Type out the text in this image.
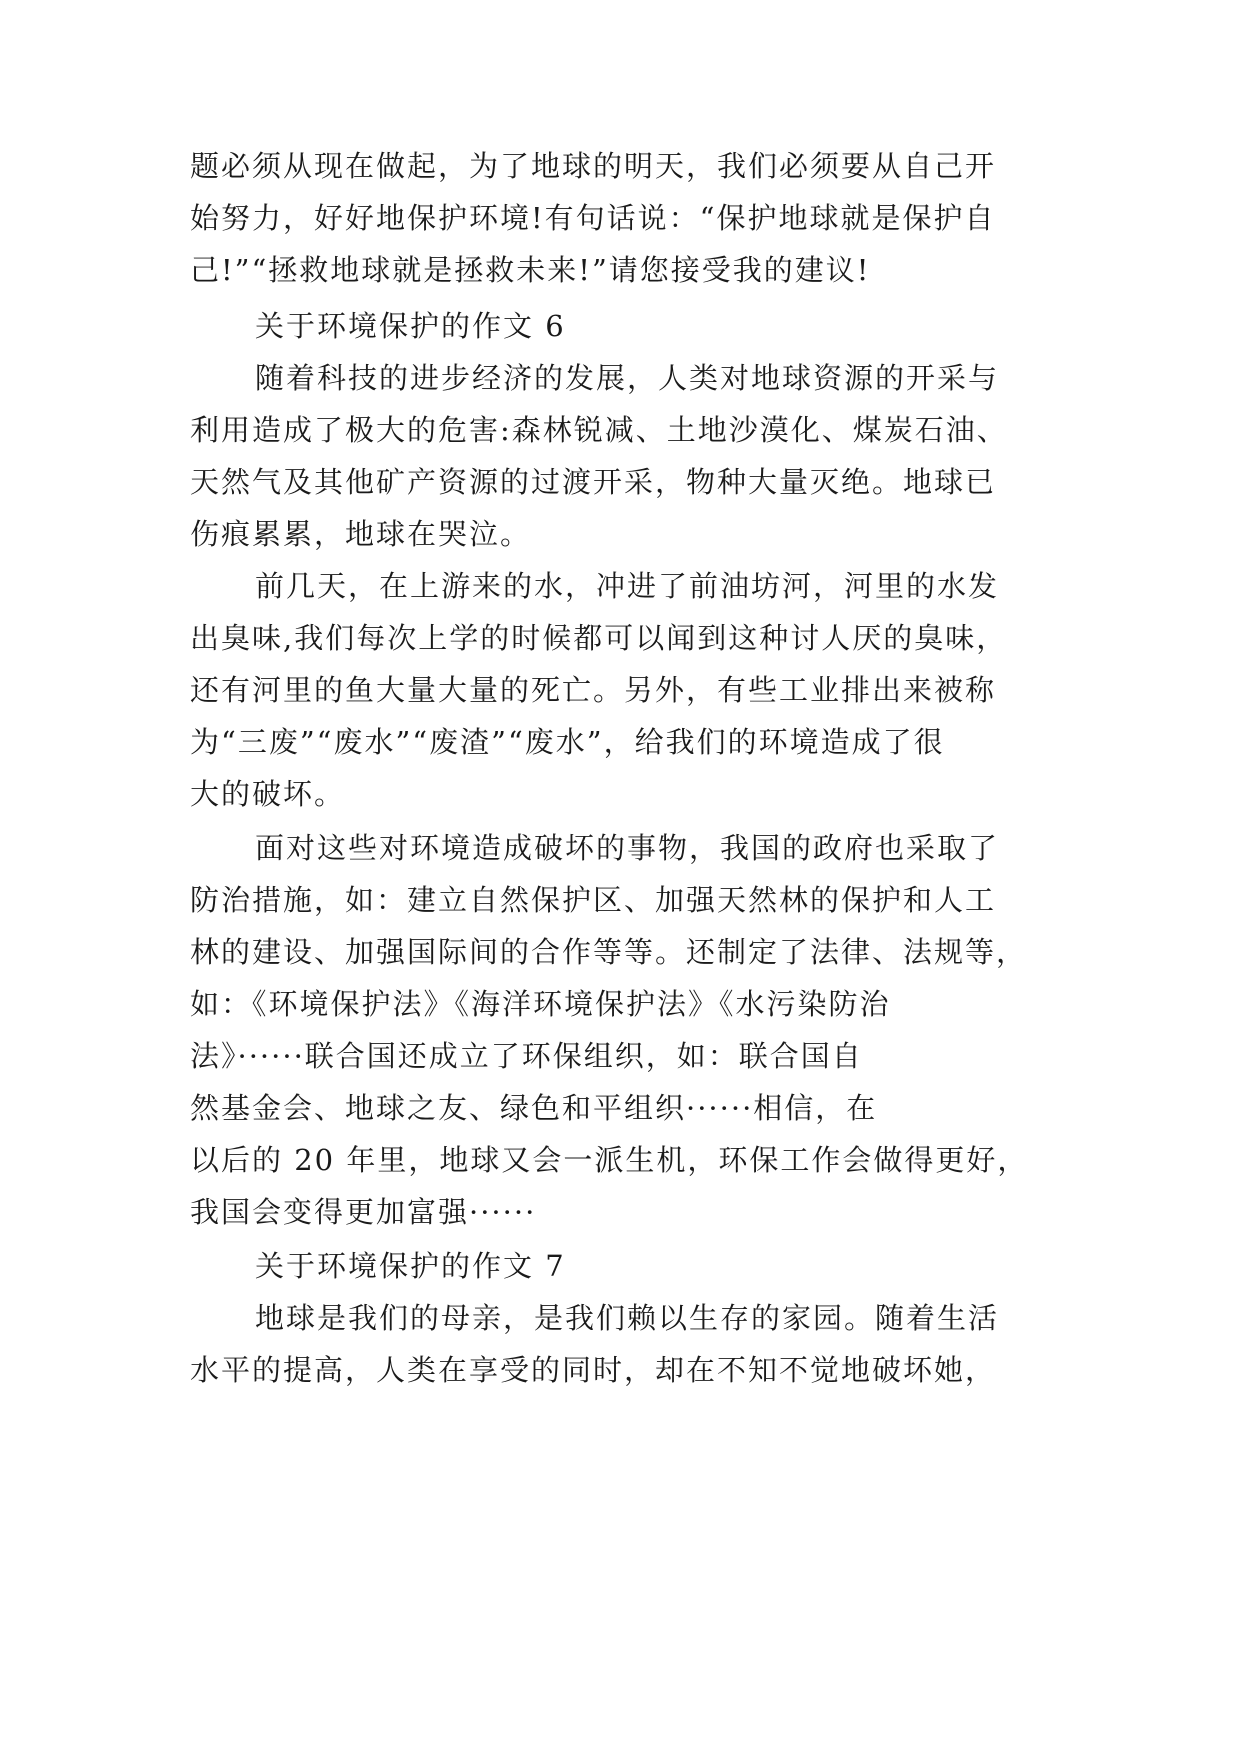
题必须从现在做起，为了地球的明天，我们必须要从自己开
始努力，好好地保护环境!有句话说：“保护地球就是保护自
己!”“拯救地球就是拯救未来!”请您接受我的建议!
关于环境保护的作文 6
随着科技的进步经济的发展，人类对地球资源的开采与
利用造成了极大的危害:森林锐减、土地沙漠化、煤炭石油、
天然气及其他矿产资源的过渡开采，物种大量灭绝。地球已
伤痕累累，地球在哭泣。
前几天，在上游来的水，冲进了前油坊河，河里的水发
出臭味,我们每次上学的时候都可以闻到这种讨人厌的臭味，
还有河里的鱼大量大量的死亡。另外，有些工业排出来被称
为“三废”“废水”“废渣”“废水”，给我们的环境造成了很
大的破坏。
面对这些对环境造成破坏的事物，我国的政府也采取了
防治措施，如：建立自然保护区、加强天然林的保护和人工
林的建设、加强国际间的合作等等。还制定了法律、法规等，
如：《环境保护法》《海洋环境保护法》《水污染防治
法》······联合国还成立了环保组织，如：联合国自
然基金会、地球之友、绿色和平组织······相信，在
以后的 20 年里，地球又会一派生机，环保工作会做得更好，
我国会变得更加富强······
关于环境保护的作文 7
地球是我们的母亲，是我们赖以生存的家园。随着生活
水平的提高，人类在享受的同时，却在不知不觉地破坏她，
